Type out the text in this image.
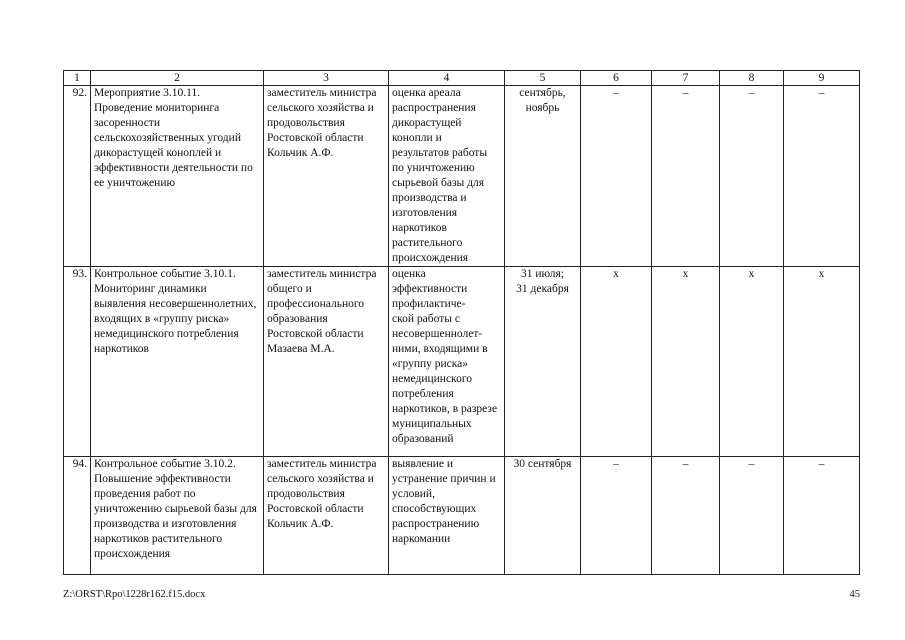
1	2	3	4	5	6	7	8	9
92.	Мероприятие 3.10.11.
Проведение мониторинга засоренности сельскохозяйственных угодий дикорастущей коноплей и эффективности деятельности по ее уничтожению	заместитель министра сельского хозяйства и продовольствия Ростовской области Кольчик А.Ф.	оценка ареала распространения дикорастущей конопли и результатов работы по уничтожению сырьевой базы для производства и изготовления наркотиков растительного происхождения	сентябрь,
ноябрь	–	–	–	–
93.	Контрольное событие 3.10.1.
Мониторинг динамики выявления несовершеннолетних, входящих в «группу риска» немедицинского потребления наркотиков	заместитель министра общего и профессионального образования Ростовской области Мазаева М.А.	оценка эффективности профилактиче-
ской работы с несовершеннолет-
ними, входящими в «группу риска» немедицинского потребления наркотиков, в разрезе муниципальных образований	31 июля;
31 декабря	х	х	х	х
94.	Контрольное событие 3.10.2.
Повышение эффективности проведения работ по уничтожению сырьевой базы для производства и изготовления наркотиков растительного происхождения	заместитель министра сельского хозяйства и продовольствия Ростовской области Кольчик А.Ф.	выявление и устранение причин и условий, способствующих распространению наркомании	30 сентября	–	–	–	–
Z:\ORST\Rpo\1228r162.f15.docx	45
